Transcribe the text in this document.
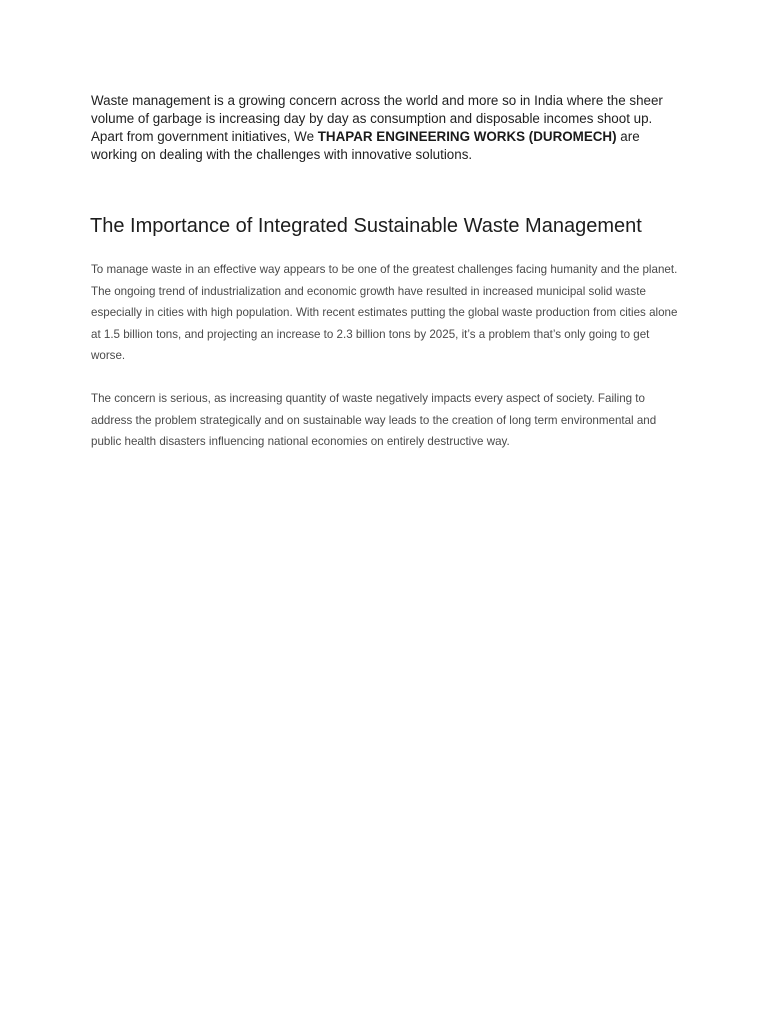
Waste management is a growing concern across the world and more so in India where the sheer volume of garbage is increasing day by day as consumption and disposable incomes shoot up. Apart from government initiatives, We THAPAR ENGINEERING WORKS (DUROMECH) are working on dealing with the challenges with innovative solutions.

The Importance of Integrated Sustainable Waste Management

To manage waste in an effective way appears to be one of the greatest challenges facing humanity and the planet. The ongoing trend of industrialization and economic growth have resulted in increased municipal solid waste especially in cities with high population. With recent estimates putting the global waste production from cities alone at 1.5 billion tons, and projecting an increase to 2.3 billion tons by 2025, it’s a problem that’s only going to get worse.

The concern is serious, as increasing quantity of waste negatively impacts every aspect of society. Failing to address the problem strategically and on sustainable way leads to the creation of long term environmental and public health disasters influencing national economies on entirely destructive way.
